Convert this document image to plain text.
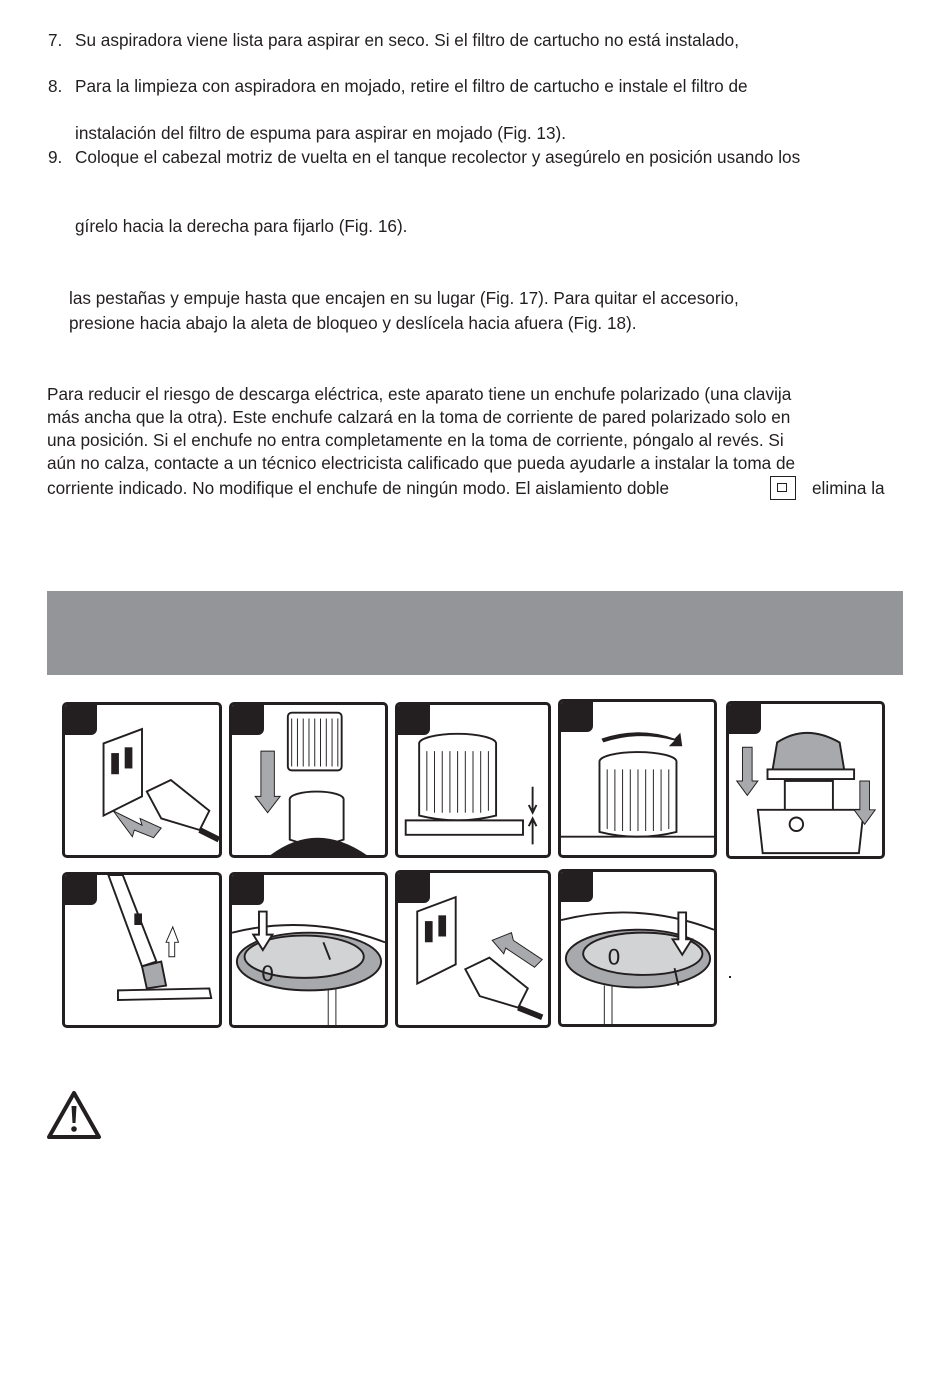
7. Su aspiradora viene lista para aspirar en seco. Si el filtro de cartucho no está instalado,
8. Para la limpieza con aspiradora en mojado, retire el filtro de cartucho e instale el filtro de
instalación del filtro de espuma para aspirar en mojado (Fig. 13).
9. Coloque el cabezal motriz de vuelta en el tanque recolector y asegúrelo en posición usando los
gírelo hacia la derecha para fijarlo (Fig. 16).
las pestañas y empuje hasta que encajen en su lugar (Fig. 17). Para quitar el accesorio,
presione hacia abajo la aleta de bloqueo y deslícela hacia afuera (Fig. 18).
Para reducir el riesgo de descarga eléctrica, este aparato tiene un enchufe polarizado (una clavija
más ancha que la otra). Este enchufe calzará en la toma de corriente de pared polarizado solo en
una posición. Si el enchufe no entra completamente en la toma de corriente, póngalo al revés. Si
aún no calza, contacte a un técnico electricista calificado que pueda ayudarle a instalar la toma de
corriente indicado. No modifique el enchufe de ningún modo. El aislamiento doble	elimina la
0
0
